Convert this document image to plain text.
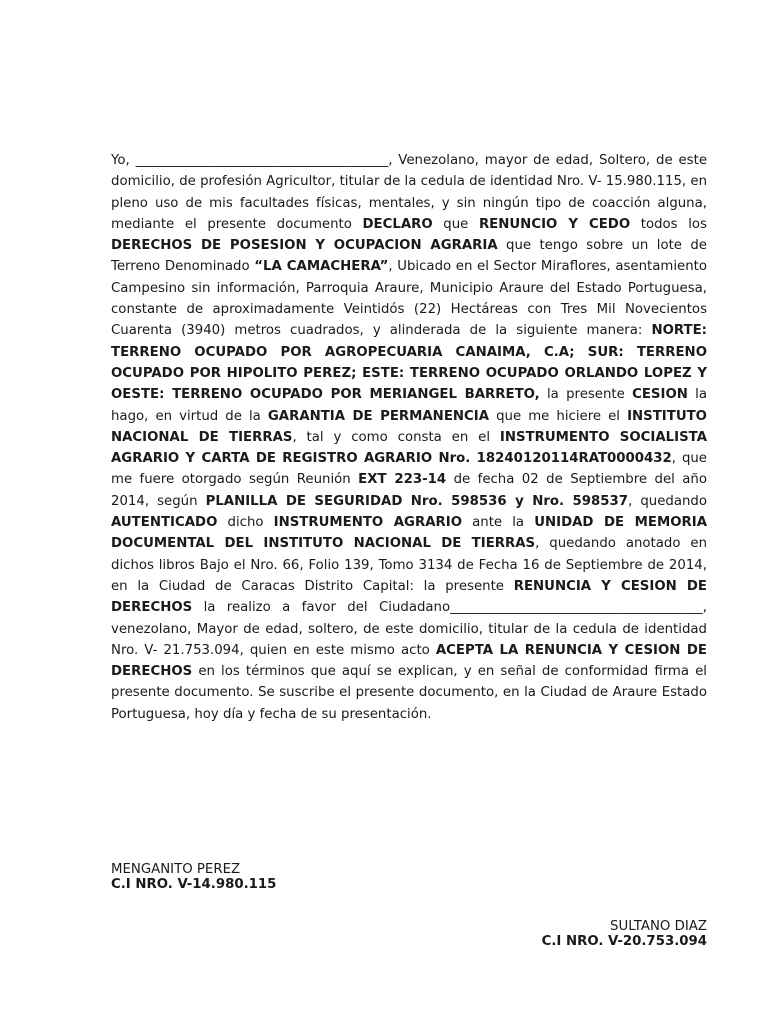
Yo, ______________________________________, Venezolano, mayor de edad, Soltero, de este domicilio, de profesión Agricultor, titular de la cedula de identidad Nro. V- 15.980.115, en pleno uso de mis facultades físicas, mentales, y sin ningún tipo de coacción alguna, mediante el presente documento DECLARO que RENUNCIO Y CEDO todos los DERECHOS DE POSESION Y OCUPACION AGRARIA que tengo sobre un lote de Terreno Denominado “LA CAMACHERA”, Ubicado en el Sector Miraflores, asentamiento Campesino sin información, Parroquia Araure, Municipio Araure del Estado Portuguesa, constante de aproximadamente Veintidós (22) Hectáreas con Tres Mil Novecientos Cuarenta (3940) metros cuadrados, y alinderada de la siguiente manera: NORTE: TERRENO OCUPADO POR AGROPECUARIA CANAIMA, C.A; SUR: TERRENO OCUPADO POR HIPOLITO PEREZ; ESTE: TERRENO OCUPADO ORLANDO LOPEZ Y OESTE: TERRENO OCUPADO POR MERIANGEL BARRETO, la presente CESION la hago, en virtud de la GARANTIA DE PERMANENCIA que me hiciere el INSTITUTO NACIONAL DE TIERRAS, tal y como consta en el INSTRUMENTO SOCIALISTA AGRARIO Y CARTA DE REGISTRO AGRARIO Nro. 18240120114RAT0000432, que me fuere otorgado según Reunión EXT 223-14 de fecha 02 de Septiembre del año 2014, según PLANILLA DE SEGURIDAD Nro. 598536 y Nro. 598537, quedando AUTENTICADO dicho INSTRUMENTO AGRARIO ante la UNIDAD DE MEMORIA DOCUMENTAL DEL INSTITUTO NACIONAL DE TIERRAS, quedando anotado en dichos libros Bajo el Nro. 66, Folio 139, Tomo 3134 de Fecha 16 de Septiembre de 2014, en la Ciudad de Caracas Distrito Capital: la presente RENUNCIA Y CESION DE DERECHOS la realizo a favor del Ciudadano______________________________________, venezolano, Mayor de edad, soltero, de este domicilio, titular de la cedula de identidad Nro. V- 21.753.094, quien en este mismo acto ACEPTA LA RENUNCIA Y CESION DE DERECHOS en los términos que aquí se explican, y en señal de conformidad firma el presente documento. Se suscribe el presente documento, en la Ciudad de Araure Estado Portuguesa, hoy día y fecha de su presentación.

MENGANITO PEREZ
C.I NRO. V-14.980.115
SULTANO DIAZ
C.I NRO. V-20.753.094
